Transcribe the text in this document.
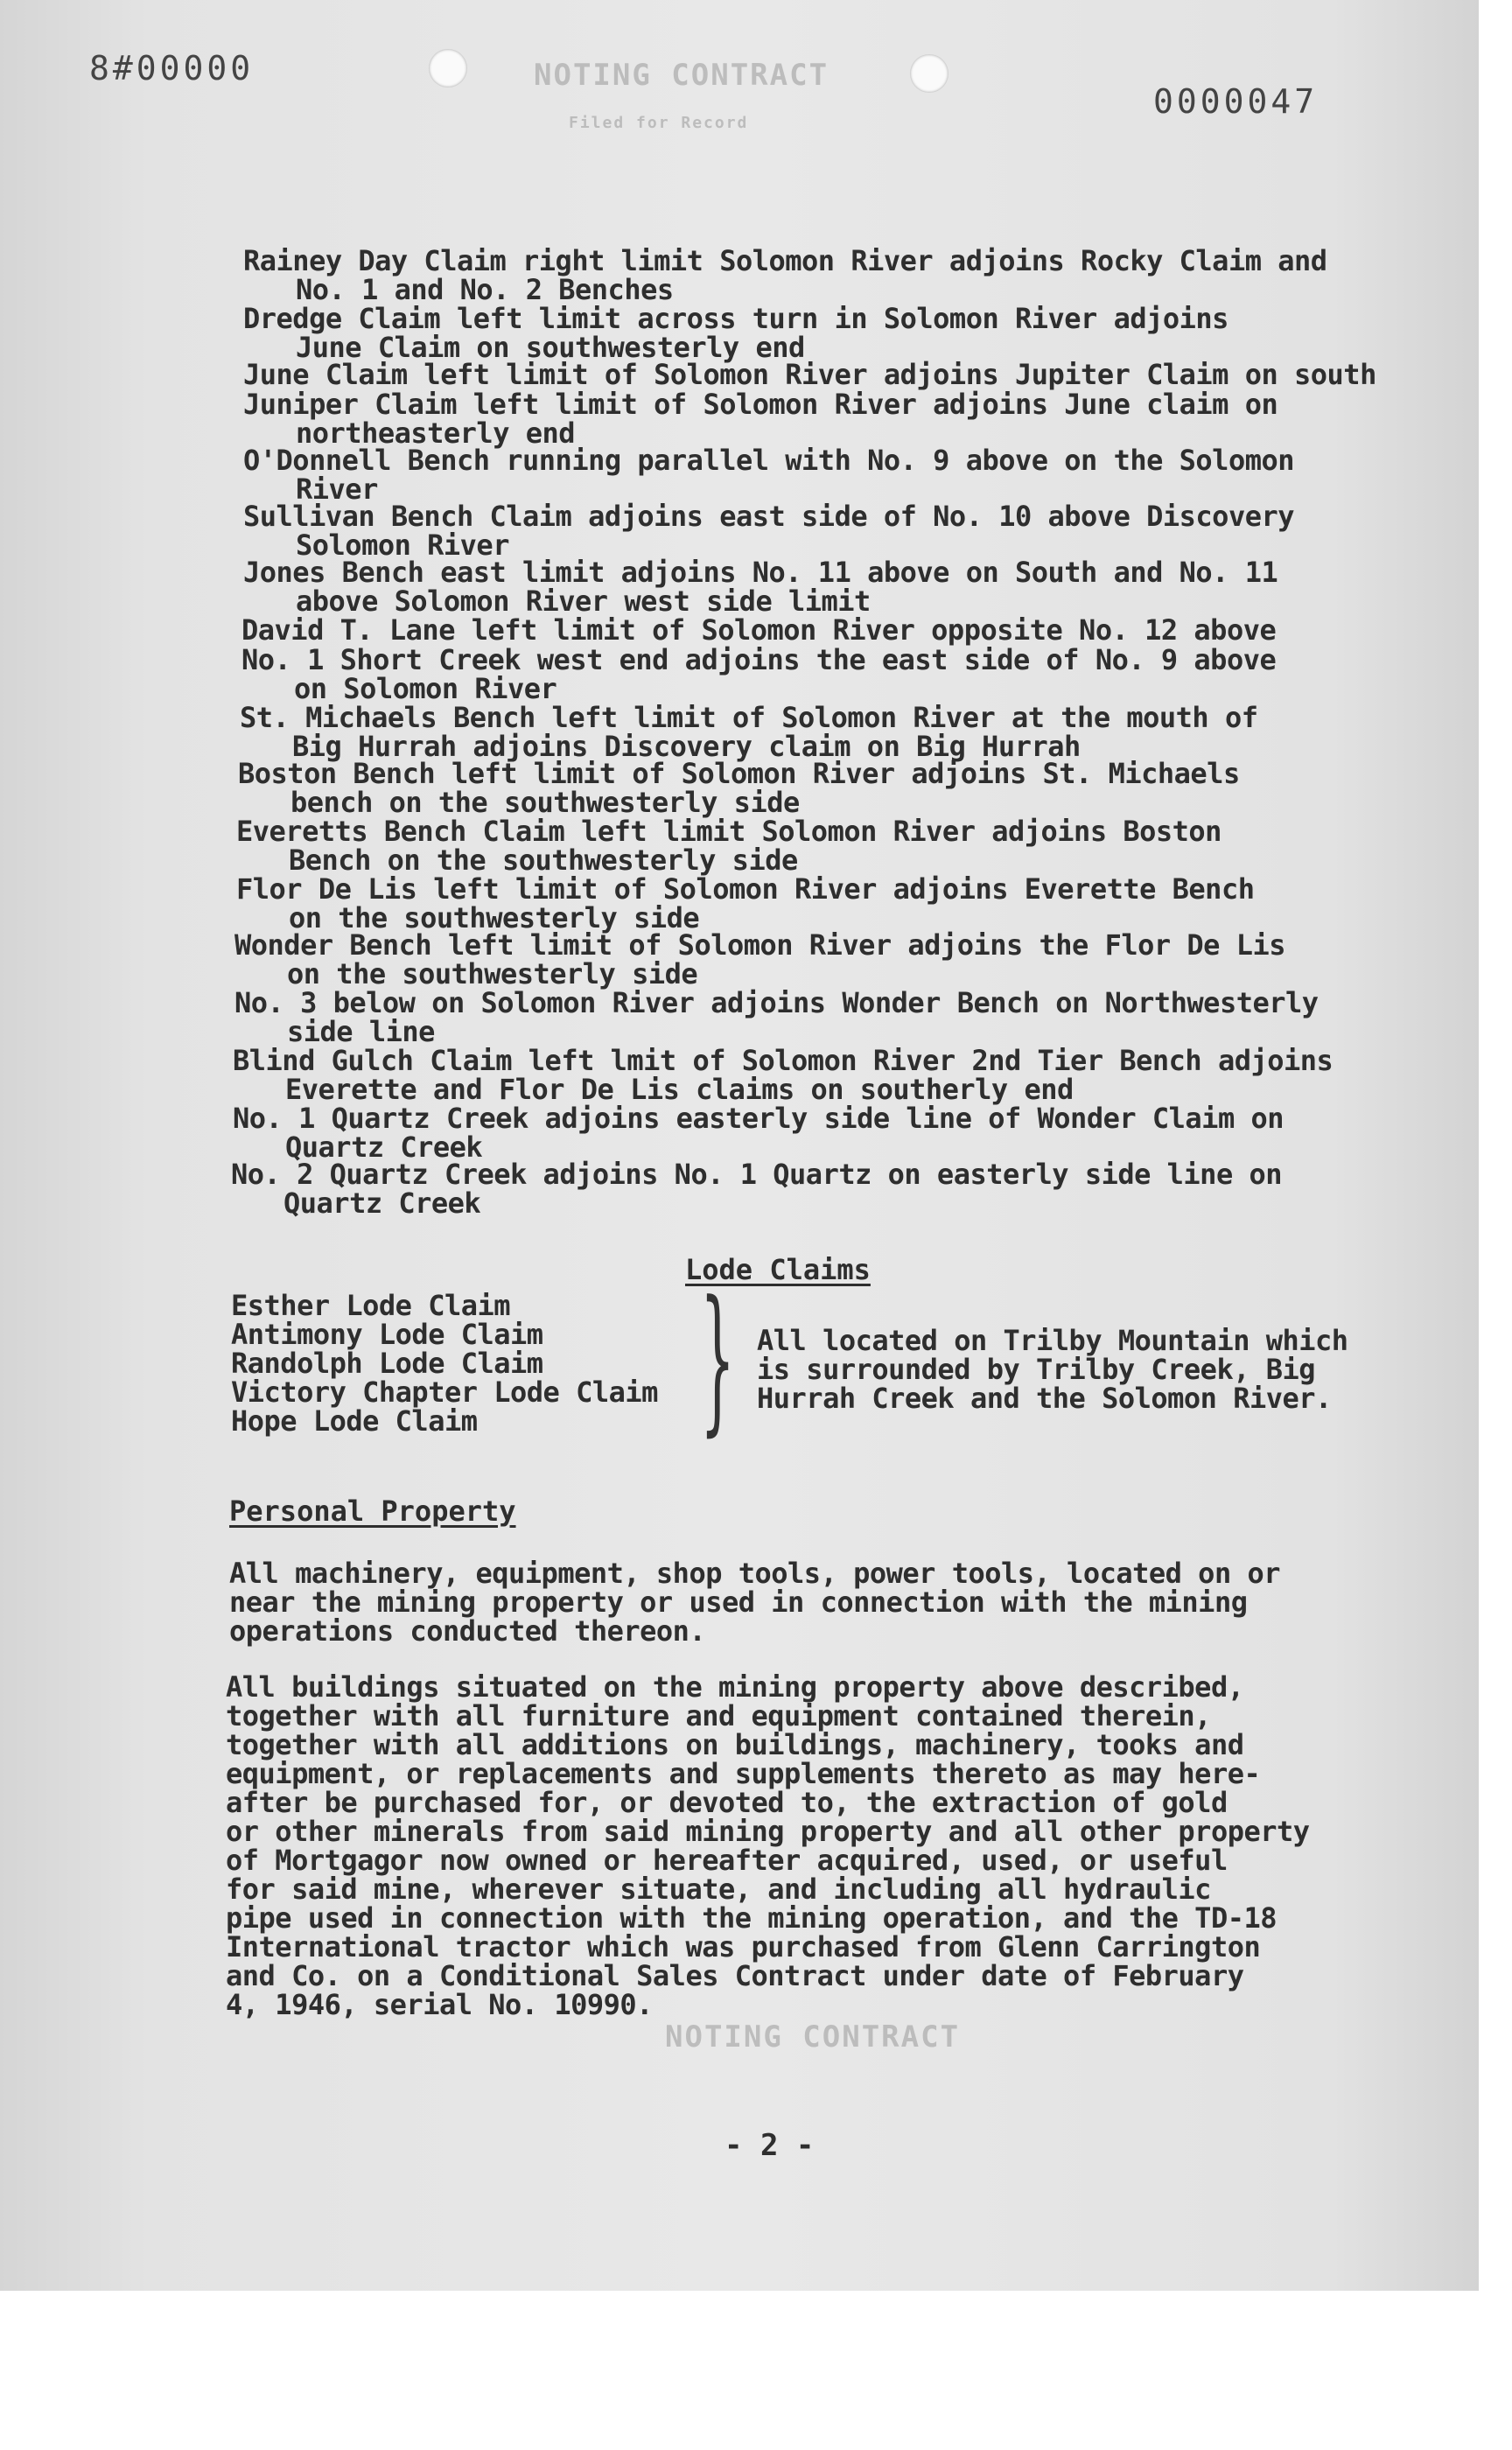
8#00000
0000047
NOTING CONTRACT
Filed for Record
Rainey Day Claim right limit Solomon River adjoins Rocky Claim and
No. 1 and No. 2 Benches
Dredge Claim left limit across turn in Solomon River adjoins
June Claim on southwesterly end
June Claim left limit of Solomon River adjoins Jupiter Claim on south
Juniper Claim left limit of Solomon River adjoins June claim on
northeasterly end
O'Donnell Bench running parallel with No. 9 above on the Solomon
River
Sullivan Bench Claim adjoins east side of No. 10 above Discovery
Solomon River
Jones Bench east limit adjoins No. 11 above on South and No. 11
above Solomon River west side limit
David T. Lane left limit of Solomon River opposite No. 12 above
No. 1 Short Creek west end adjoins the east side of No. 9 above
on Solomon River
St. Michaels Bench left limit of Solomon River at the mouth of
Big Hurrah adjoins Discovery claim on Big Hurrah
Boston Bench left limit of Solomon River adjoins St. Michaels
bench on the southwesterly side
Everetts Bench Claim left limit Solomon River adjoins Boston
Bench on the southwesterly side
Flor De Lis left limit of Solomon River adjoins Everette Bench
on the southwesterly side
Wonder Bench left limit of Solomon River adjoins the Flor De Lis
on the southwesterly side
No. 3 below on Solomon River adjoins Wonder Bench on Northwesterly
side line
Blind Gulch Claim left lmit of Solomon River 2nd Tier Bench adjoins
Everette and Flor De Lis claims on southerly end
No. 1 Quartz Creek adjoins easterly side line of Wonder Claim on
Quartz Creek
No. 2 Quartz Creek adjoins No. 1 Quartz on easterly side line on
Quartz Creek
Lode Claims
Esther Lode Claim
Antimony Lode Claim
Randolph Lode Claim
Victory Chapter Lode Claim
Hope Lode Claim } All located on Trilby Mountain which
is surrounded by Trilby Creek, Big
Hurrah Creek and the Solomon River.
Personal Property
All machinery, equipment, shop tools, power tools, located on or
near the mining property or used in connection with the mining
operations conducted thereon.
All buildings situated on the mining property above described,
together with all furniture and equipment contained therein,
together with all additions on buildings, machinery, tooks and
equipment, or replacements and supplements thereto as may here-
after be purchased for, or devoted to, the extraction of gold
or other minerals from said mining property and all other property
of Mortgagor now owned or hereafter acquired, used, or useful
for said mine, wherever situate, and including all hydraulic
pipe used in connection with the mining operation, and the TD-18
International tractor which was purchased from Glenn Carrington
and Co. on a Conditional Sales Contract under date of February
4, 1946, serial No. 10990.
NOTING CONTRACT
- 2 -
